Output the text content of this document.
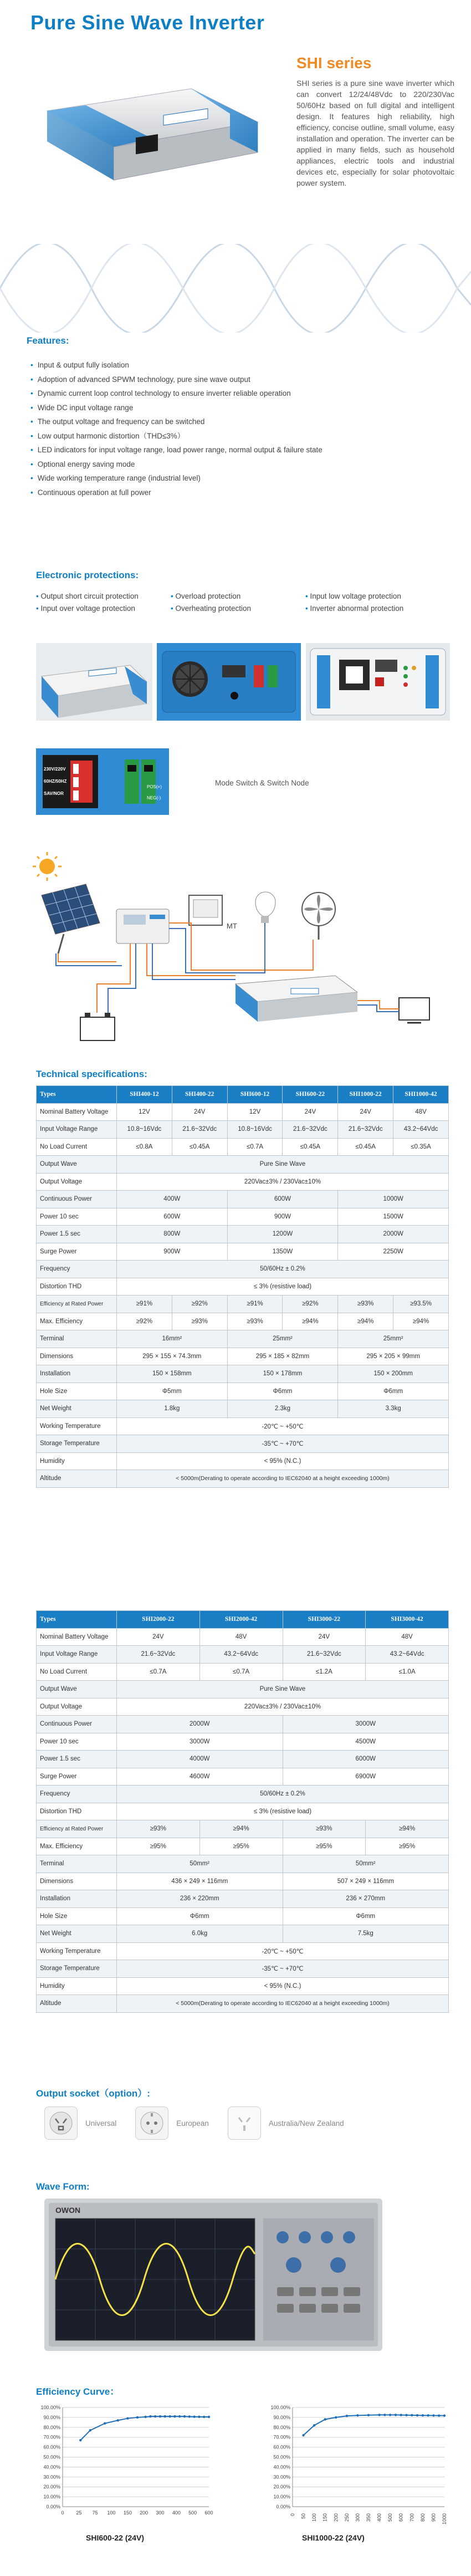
Pure Sine Wave Inverter
SHI series

SHI series is a pure sine wave inverter which can convert 12/24/48Vdc to 220/230Vac 50/60Hz based on full digital and intelligent design. It features high reliability, high efficiency, concise outline, small volume, easy installation and operation. The inverter can be applied in many fields, such as household appliances, electric tools and industrial devices etc, especially for solar photovoltaic power system.

Features:
• Input & output fully isolation
• Adoption of advanced SPWM technology, pure sine wave output
• Dynamic current loop control technology to ensure inverter reliable operation
• Wide DC input voltage range
• The output voltage and frequency can be switched
• Low output harmonic distortion（THD≤3%）
• LED indicators for input voltage range, load power range, normal output & failure state
• Optional energy saving mode
• Wide working temperature range (industrial level)
• Continuous operation at full power
Electronic protections:
• Output short circuit protection	• Overload protection	• Input low voltage protection
• Input over voltage protection	• Overheating protection	• Inverter abnormal protection
230V/220V
60HZ/50HZ
SAV/NOR
POS(+)
NEG(-)
Mode Switch & Switch Node
MT
Technical specifications:
Types	SHI400-12	SHI400-22	SHI600-12	SHI600-22	SHI1000-22	SHI1000-42
Nominal Battery Voltage	12V	24V	12V	24V	24V	48V
Input Voltage Range	10.8~16Vdc	21.6~32Vdc	10.8~16Vdc	21.6~32Vdc	21.6~32Vdc	43.2~64Vdc
No Load Current	≤0.8A	≤0.45A	≤0.7A	≤0.45A	≤0.45A	≤0.35A
Output Wave	Pure Sine Wave					
Output Voltage	220Vac±3% / 230Vac±10%					
Continuous Power	400W		600W		1000W	
Power 10 sec	600W		900W		1500W	
Power 1.5 sec	800W		1200W		2000W	
Surge Power	900W		1350W		2250W	
Frequency	50/60Hz ± 0.2%					
Distortion THD	≤ 3% (resistive load)					
Efficiency at Rated Power	≥91%	≥92%	≥91%	≥92%	≥93%	≥93.5%
Max. Efficiency	≥92%	≥93%	≥93%	≥94%	≥94%	≥94%
Terminal	16mm²		25mm²		25mm²	
Dimensions	295 × 155 × 74.3mm		295 × 185 × 82mm		295 × 205 × 99mm	
Installation	150 × 158mm		150 × 178mm		150 × 200mm	
Hole Size	Φ5mm		Φ6mm		Φ6mm	
Net Weight	1.8kg		2.3kg		3.3kg	
Working Temperature	-20℃ ~ +50℃					
Storage Temperature	-35℃ ~ +70℃					
Humidity	< 95% (N.C.)					
Altitude	< 5000m(Derating to operate according to IEC62040 at a height exceeding 1000m)					
Types	SHI2000-22	SHI2000-42	SHI3000-22	SHI3000-42
Nominal Battery Voltage	24V	48V	24V	48V
Input Voltage Range	21.6~32Vdc	43.2~64Vdc	21.6~32Vdc	43.2~64Vdc
No Load Current	≤0.7A	≤0.7A	≤1.2A	≤1.0A
Output Wave	Pure Sine Wave			
Output Voltage	220Vac±3% / 230Vac±10%			
Continuous Power	2000W		3000W	
Power 10 sec	3000W		4500W	
Power 1.5 sec	4000W		6000W	
Surge Power	4600W		6900W	
Frequency	50/60Hz ± 0.2%			
Distortion THD	≤ 3% (resistive load)			
Efficiency at Rated Power	≥93%	≥94%	≥93%	≥94%
Max. Efficiency	≥95%	≥95%	≥95%	≥95%
Terminal	50mm²		50mm²	
Dimensions	436 × 249 × 116mm		507 × 249 × 116mm	
Installation	236 × 220mm		236 × 270mm	
Hole Size	Φ6mm		Φ6mm	
Net Weight	6.0kg		7.5kg	
Working Temperature	-20℃ ~ +50℃			
Storage Temperature	-35℃ ~ +70℃			
Humidity	< 95% (N.C.)			
Altitude	< 5000m(Derating to operate according to IEC62040 at a height exceeding 1000m)			
Output socket（option）:
Universal	European	Australia/New Zealand
Wave Form:
OWON
Efficiency Curve：
0.00%
10.00%
20.00%
30.00%
40.00%
50.00%
60.00%
70.00%
80.00%
90.00%
100.00%
0 25 75 100 150 200 300 400 500 600
SHI600-22 (24V)
0.00%
10.00%
20.00%
30.00%
40.00%
50.00%
60.00%
70.00%
80.00%
90.00%
100.00%
0 50 100 150 200 250 300 350 400 500 600 700 800 900 1000
SHI1000-22 (24V)
